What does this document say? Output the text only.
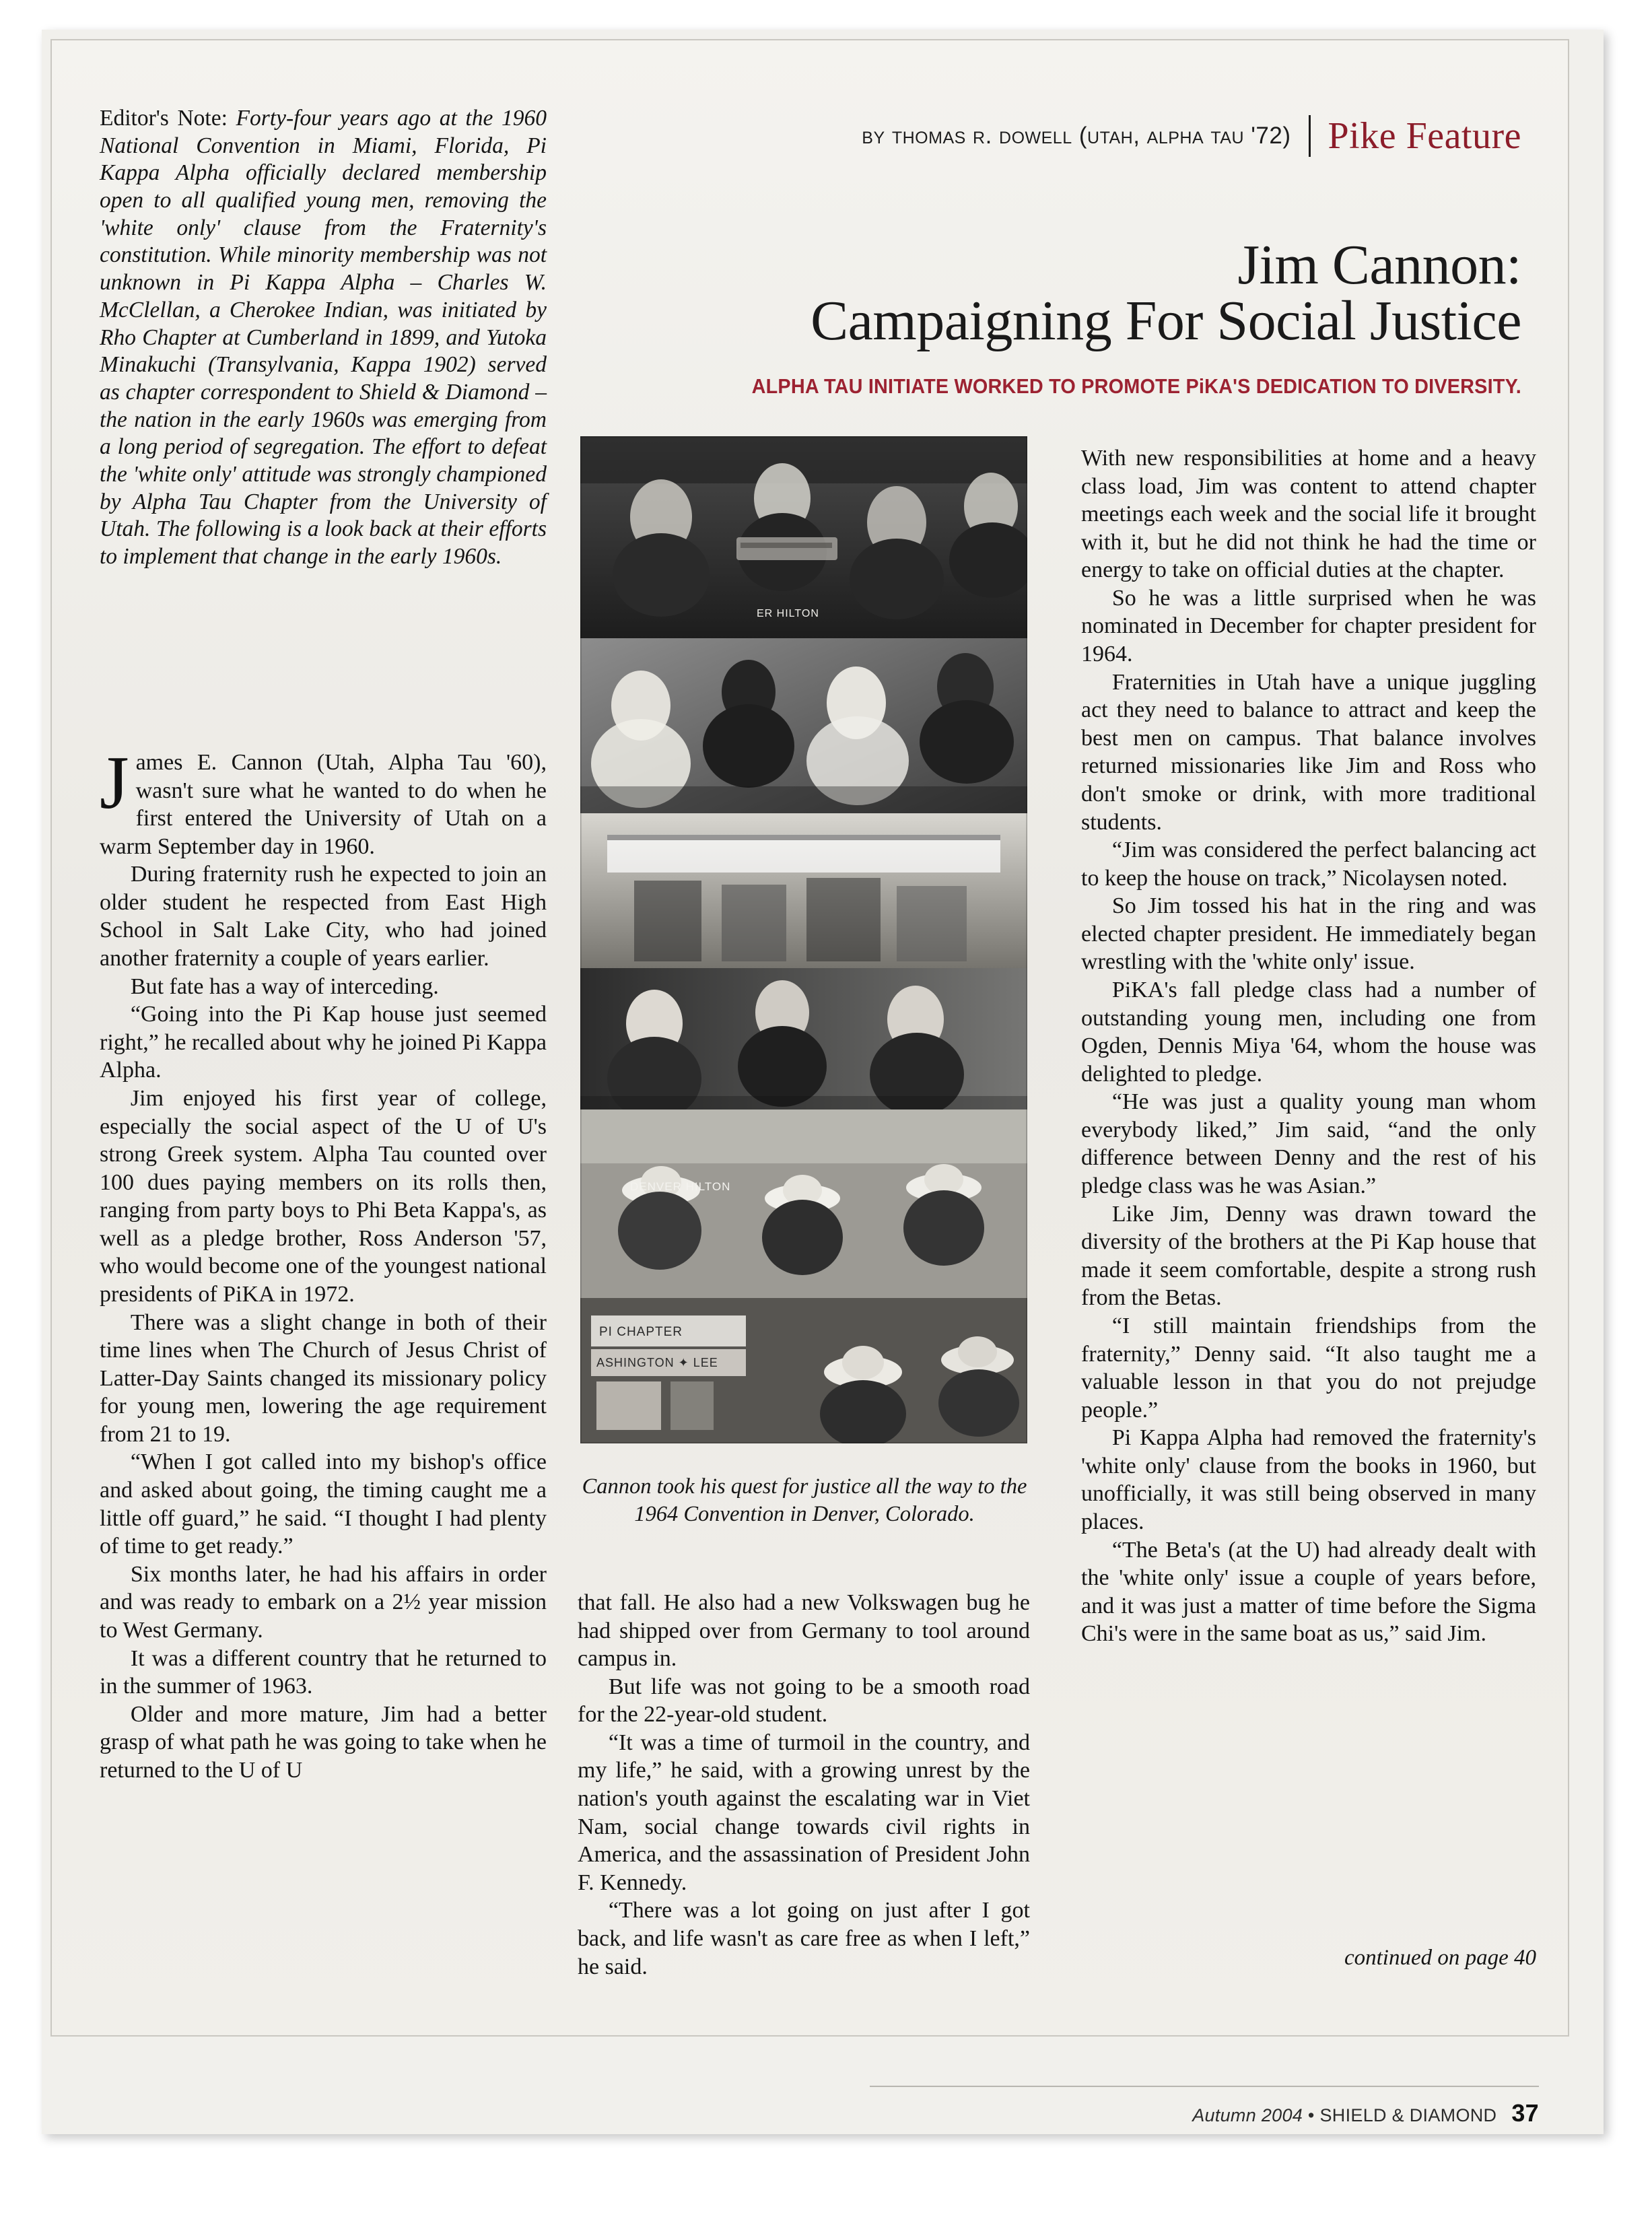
by thomas r. dowell (utah, alpha tau '72) Pike Feature
Jim Cannon:
Campaigning For Social Justice
ALPHA TAU INITIATE WORKED TO PROMOTE PiKA'S DEDICATION TO DIVERSITY.

Editor's Note: Forty-four years ago at the 1960 National Convention in Miami, Florida, Pi Kappa Alpha officially declared membership open to all qualified young men, removing the 'white only' clause from the Fraternity's constitution. While minority membership was not unknown in Pi Kappa Alpha – Charles W. McClellan, a Cherokee Indian, was initiated by Rho Chapter at Cumberland in 1899, and Yutoka Minakuchi (Transylvania, Kappa 1902) served as chapter correspondent to Shield & Diamond – the nation in the early 1960s was emerging from a long period of segregation. The effort to defeat the 'white only' attitude was strongly championed by Alpha Tau Chapter from the University of Utah. The following is a look back at their efforts to implement that change in the early 1960s.

James E. Cannon (Utah, Alpha Tau '60), wasn't sure what he wanted to do when he first entered the University of Utah on a warm September day in 1960.

During fraternity rush he expected to join an older student he respected from East High School in Salt Lake City, who had joined another fraternity a couple of years earlier.

But fate has a way of interceding.

“Going into the Pi Kap house just seemed right,” he recalled about why he joined Pi Kappa Alpha.

Jim enjoyed his first year of college, especially the social aspect of the U of U's strong Greek system. Alpha Tau counted over 100 dues paying members on its rolls then, ranging from party boys to Phi Beta Kappa's, as well as a pledge brother, Ross Anderson '57, who would become one of the youngest national presidents of PiKA in 1972.

There was a slight change in both of their time lines when The Church of Jesus Christ of Latter-Day Saints changed its missionary policy for young men, lowering the age requirement from 21 to 19.

“When I got called into my bishop's office and asked about going, the timing caught me a little off guard,” he said. “I thought I had plenty of time to get ready.”

Six months later, he had his affairs in order and was ready to embark on a 2½ year mission to West Germany.

It was a different country that he returned to in the summer of 1963.

Older and more mature, Jim had a better grasp of what path he was going to take when he returned to the U of U

DENVER HILTON
PI CHAPTER
ASHINGTON ✦ LEE
ER HILTON
Cannon took his quest for justice all the way to the 1964 Convention in Denver, Colorado.

that fall. He also had a new Volkswagen bug he had shipped over from Germany to tool around campus in.

But life was not going to be a smooth road for the 22-year-old student.

“It was a time of turmoil in the country, and my life,” he said, with a growing unrest by the nation's youth against the escalating war in Viet Nam, social change towards civil rights in America, and the assassination of President John F. Kennedy.

“There was a lot going on just after I got back, and life wasn't as care free as when I left,” he said.

With new responsibilities at home and a heavy class load, Jim was content to attend chapter meetings each week and the social life it brought with it, but he did not think he had the time or energy to take on official duties at the chapter.

So he was a little surprised when he was nominated in December for chapter president for 1964.

Fraternities in Utah have a unique juggling act they need to balance to attract and keep the best men on campus. That balance involves returned missionaries like Jim and Ross who don't smoke or drink, with more traditional students.

“Jim was considered the perfect balancing act to keep the house on track,” Nicolaysen noted.

So Jim tossed his hat in the ring and was elected chapter president. He immediately began wrestling with the 'white only' issue.

PiKA's fall pledge class had a number of outstanding young men, including one from Ogden, Dennis Miya '64, whom the house was delighted to pledge.

“He was just a quality young man whom everybody liked,” Jim said, “and the only difference between Denny and the rest of his pledge class was he was Asian.”

Like Jim, Denny was drawn toward the diversity of the brothers at the Pi Kap house that made it seem comfortable, despite a strong rush from the Betas.

“I still maintain friendships from the fraternity,” Denny said. “It also taught me a valuable lesson in that you do not prejudge people.”

Pi Kappa Alpha had removed the fraternity's 'white only' clause from the books in 1960, but unofficially, it was still being observed in many places.

“The Beta's (at the U) had already dealt with the 'white only' issue a couple of years before, and it was just a matter of time before the Sigma Chi's were in the same boat as us,” said Jim.

continued on page 40
Autumn 2004 • SHIELD & DIAMOND 37
